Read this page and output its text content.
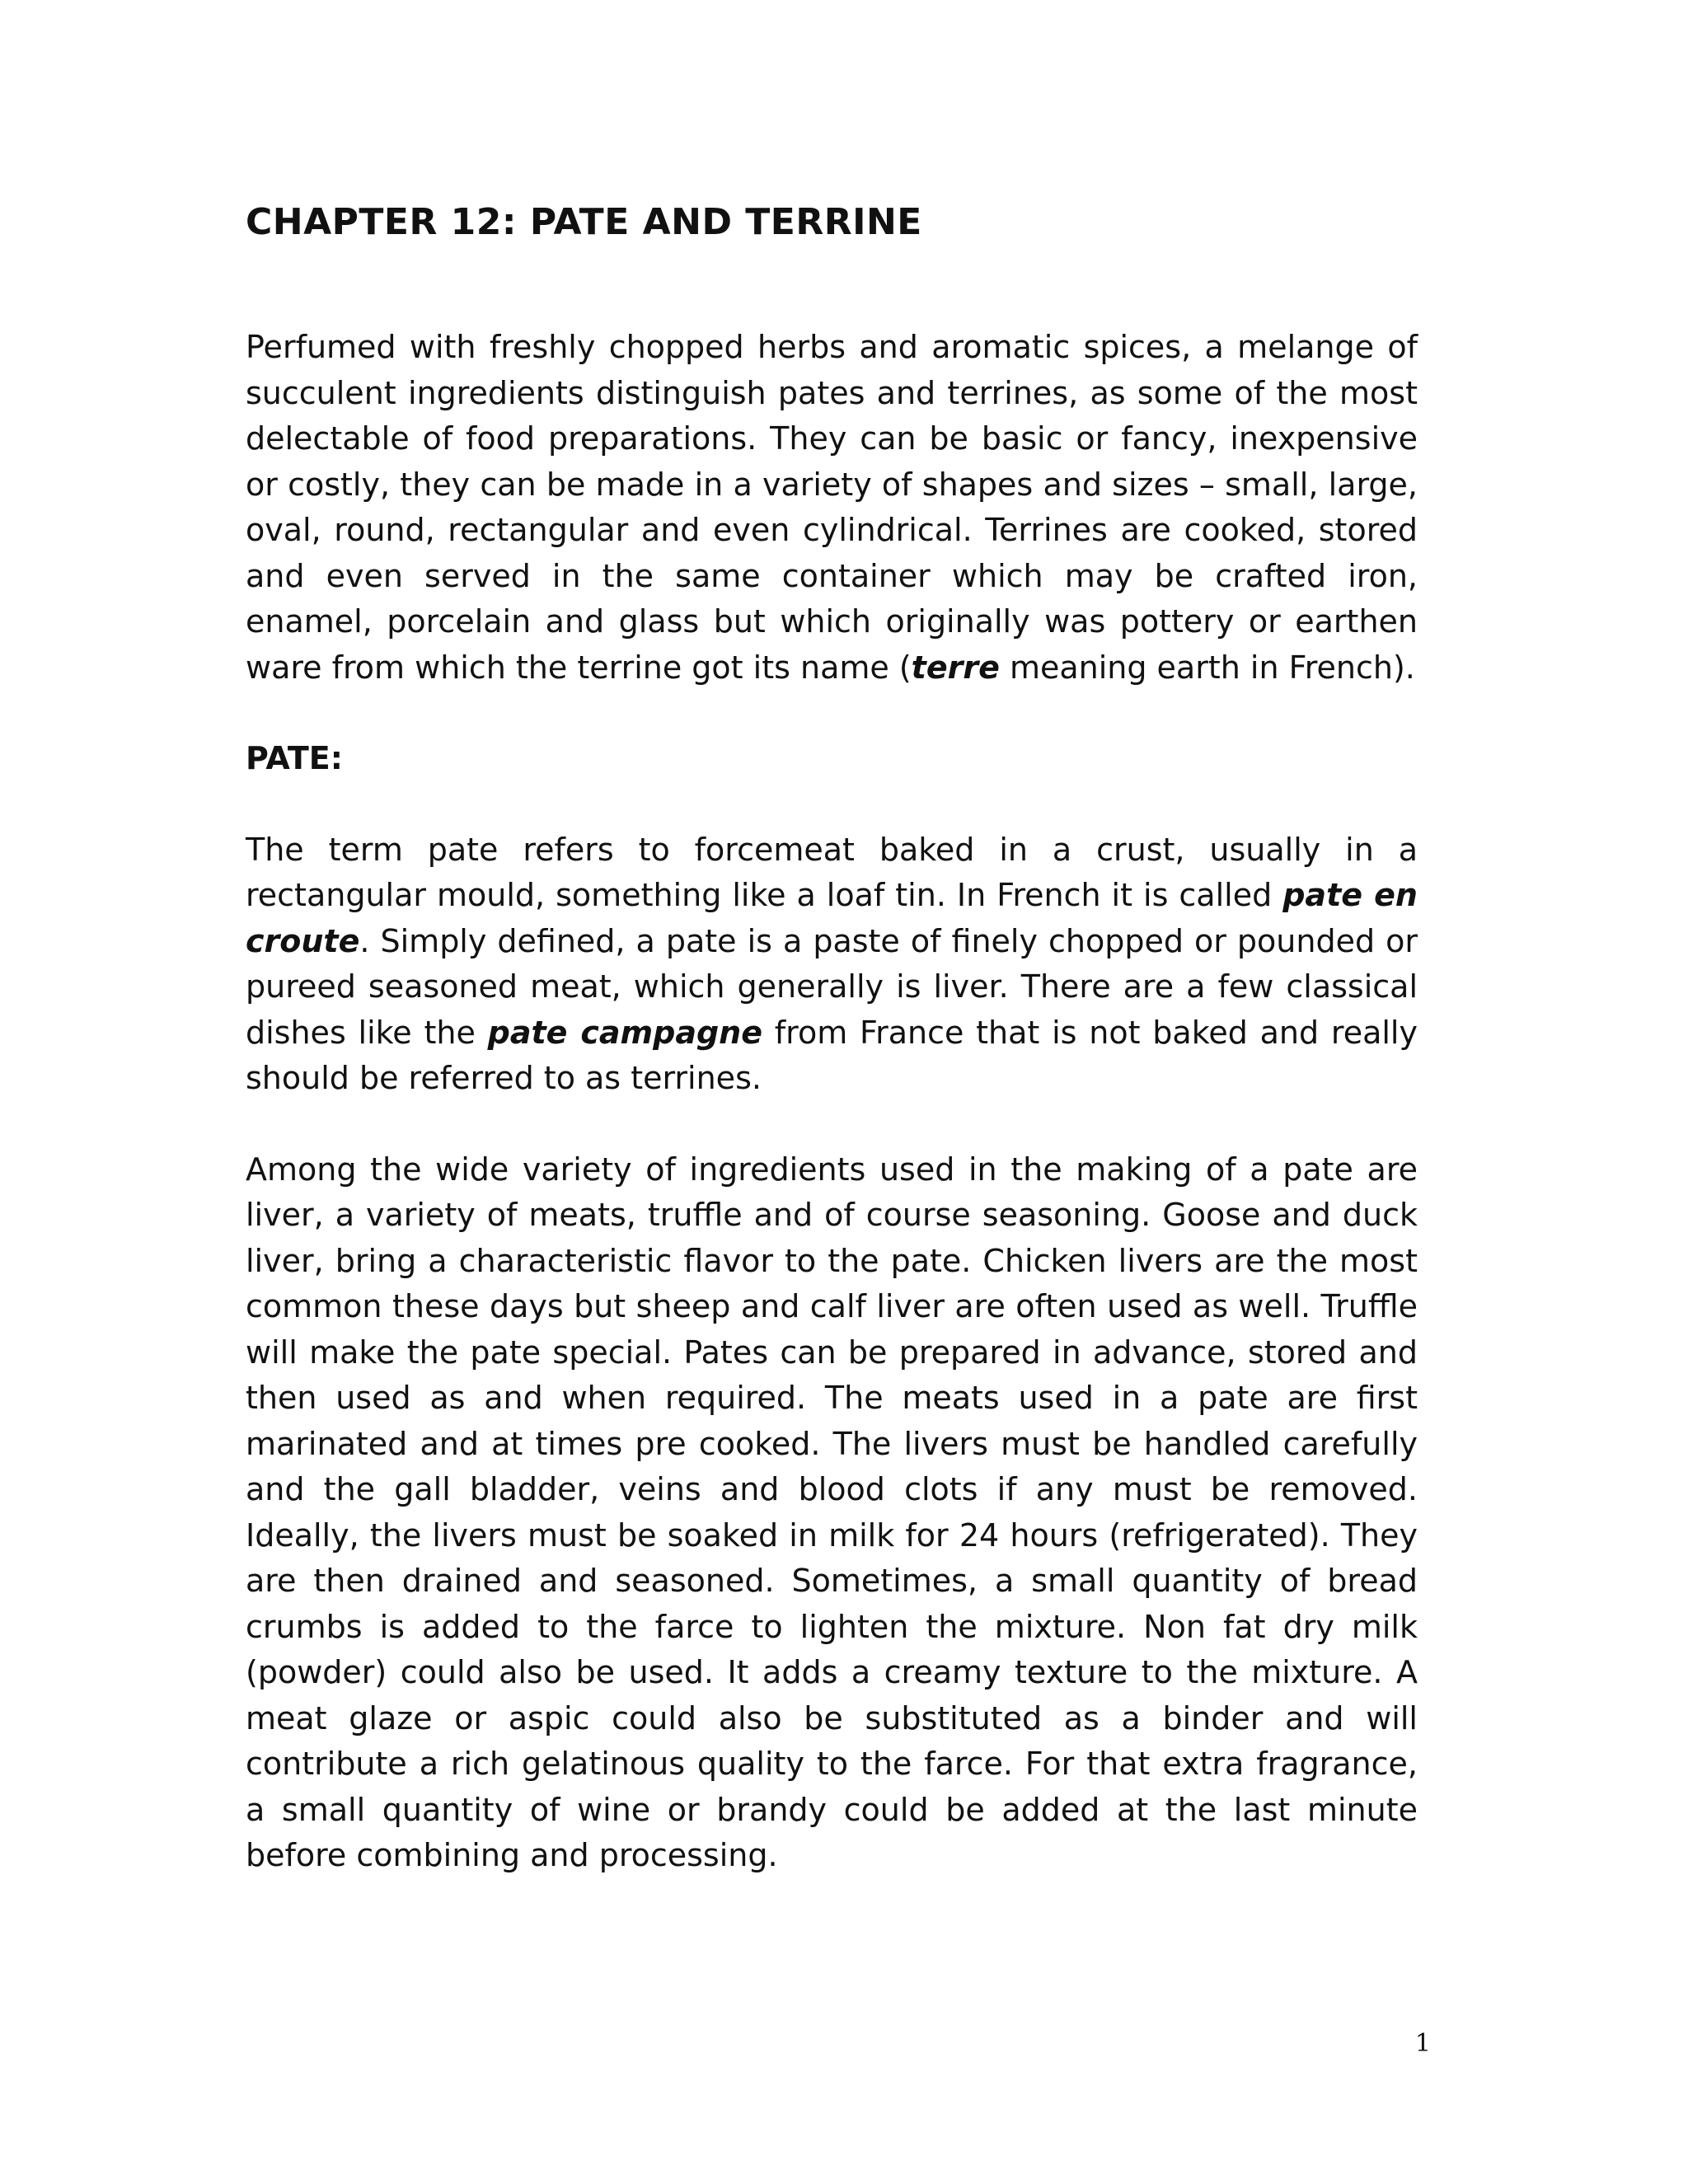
CHAPTER 12: PATE AND TERRINE

Perfumed with freshly chopped herbs and aromatic spices, a melange of succulent ingredients distinguish pates and terrines, as some of the most delectable of food preparations. They can be basic or fancy, inexpensive or costly, they can be made in a variety of shapes and sizes – small, large, oval, round, rectangular and even cylindrical. Terrines are cooked, stored and even served in the same container which may be crafted iron, enamel, porcelain and glass but which originally was pottery or earthen ware from which the terrine got its name (terre meaning earth in French).

PATE:

The term pate refers to forcemeat baked in a crust, usually in a rectangular mould, something like a loaf tin. In French it is called pate en croute. Simply defined, a pate is a paste of finely chopped or pounded or pureed seasoned meat, which generally is liver. There are a few classical dishes like the pate campagne from France that is not baked and really should be referred to as terrines.

Among the wide variety of ingredients used in the making of a pate are liver, a variety of meats, truffle and of course seasoning. Goose and duck liver, bring a characteristic flavor to the pate. Chicken livers are the most common these days but sheep and calf liver are often used as well. Truffle will make the pate special. Pates can be prepared in advance, stored and then used as and when required. The meats used in a pate are first marinated and at times pre cooked. The livers must be handled carefully and the gall bladder, veins and blood clots if any must be removed. Ideally, the livers must be soaked in milk for 24 hours (refrigerated). They are then drained and seasoned. Sometimes, a small quantity of bread crumbs is added to the farce to lighten the mixture. Non fat dry milk (powder) could also be used. It adds a creamy texture to the mixture. A meat glaze or aspic could also be substituted as a binder and will contribute a rich gelatinous quality to the farce. For that extra fragrance, a small quantity of wine or brandy could be added at the last minute before combining and processing.

1
